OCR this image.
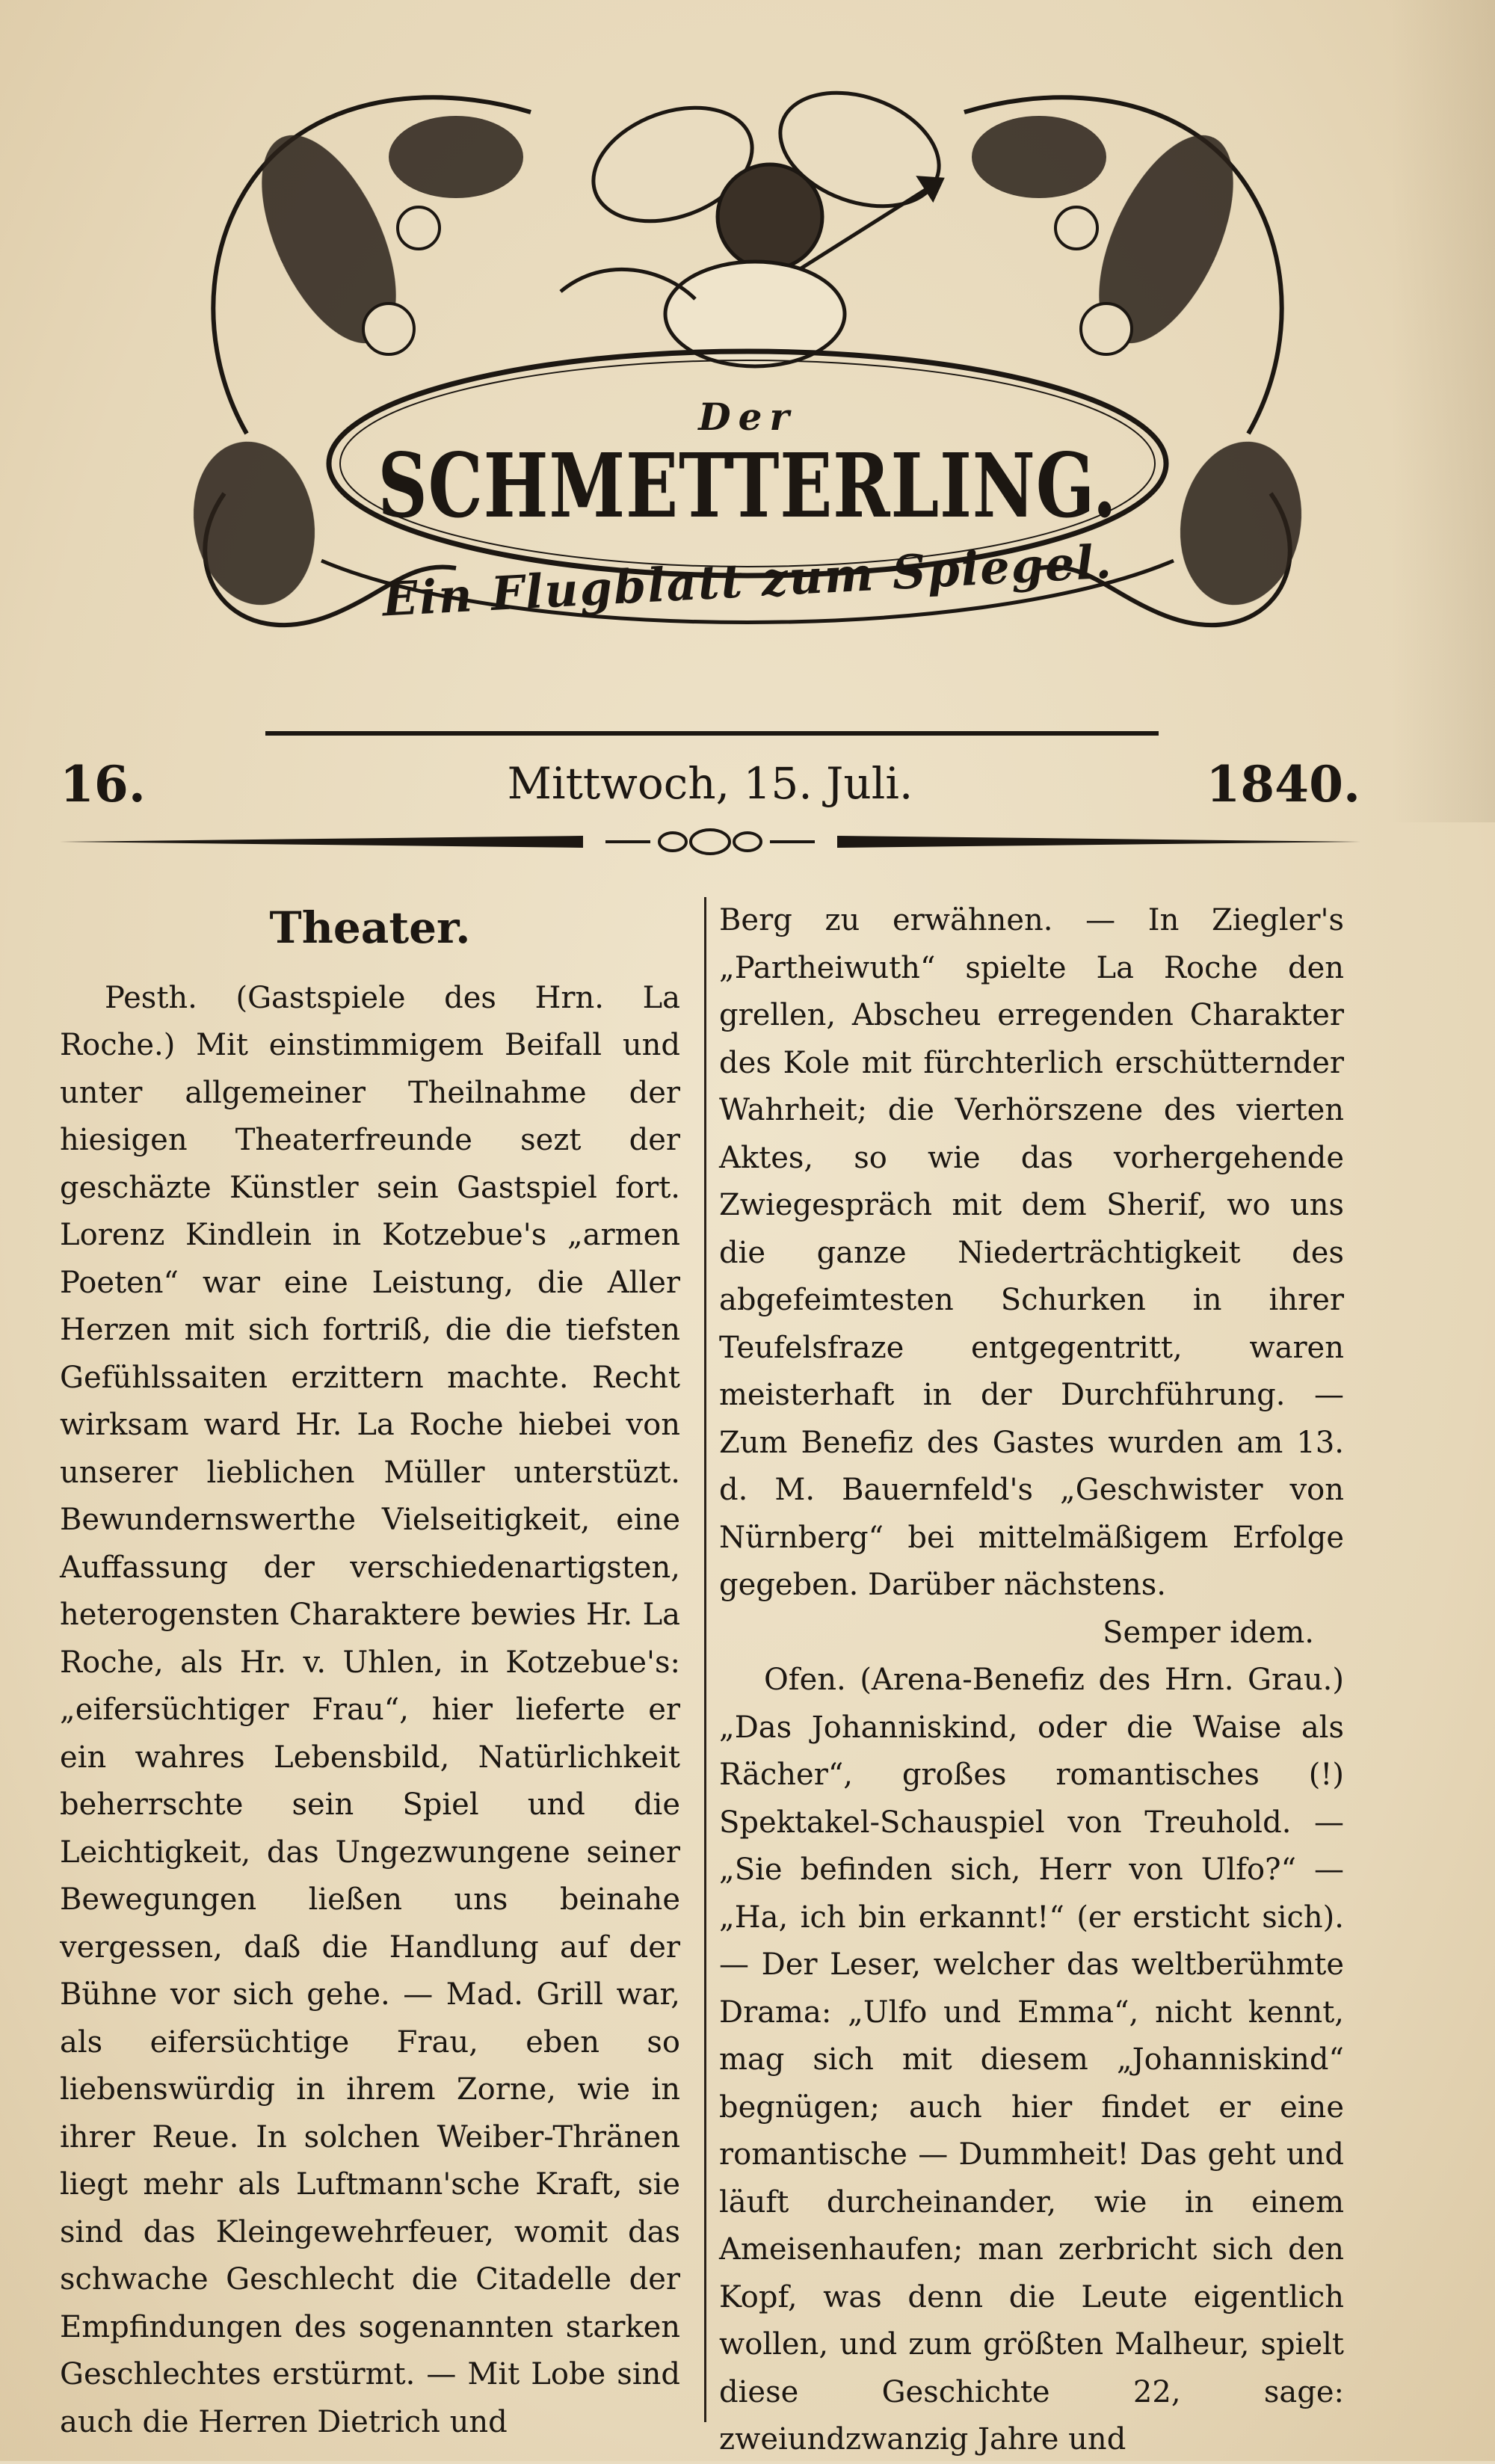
Der
SCHMETTERLING.
Ein Flugblatt zum Spiegel.
16.	Mittwoch, 15. Juli.	1840.
Theater.

Pesth. (Gastspiele des Hrn. La Roche.) Mit einstimmigem Beifall und unter allgemeiner Theilnahme der hiesigen Theaterfreunde sezt der geschäzte Künstler sein Gastspiel fort. Lorenz Kindlein in Kotzebue's „armen Poeten“ war eine Leistung, die Aller Herzen mit sich fortriß, die die tiefsten Gefühlssaiten erzittern machte. Recht wirksam ward Hr. La Roche hiebei von unserer lieblichen Müller unterstüzt. Bewundernswerthe Vielseitigkeit, eine Auffassung der verschiedenartigsten, heterogensten Charaktere bewies Hr. La Roche, als Hr. v. Uhlen, in Kotzebue's: „eifersüchtiger Frau“, hier lieferte er ein wahres Lebensbild, Natürlichkeit beherrschte sein Spiel und die Leichtigkeit, das Ungezwungene seiner Bewegungen ließen uns beinahe vergessen, daß die Handlung auf der Bühne vor sich gehe. — Mad. Grill war, als eifersüchtige Frau, eben so liebenswürdig in ihrem Zorne, wie in ihrer Reue. In solchen Weiber-Thränen liegt mehr als Luftmann'sche Kraft, sie sind das Kleingewehrfeuer, womit das schwache Geschlecht die Citadelle der Empfindungen des sogenannten starken Geschlechtes erstürmt. — Mit Lobe sind auch die Herren Dietrich und

Berg zu erwähnen. — In Ziegler's „Partheiwuth“ spielte La Roche den grellen, Abscheu erregenden Charakter des Kole mit fürchterlich erschütternder Wahrheit; die Verhörszene des vierten Aktes, so wie das vorhergehende Zwiegespräch mit dem Sherif, wo uns die ganze Niederträchtigkeit des abgefeimtesten Schurken in ihrer Teufelsfraze entgegentritt, waren meisterhaft in der Durchführung. — Zum Benefiz des Gastes wurden am 13. d. M. Bauernfeld's „Geschwister von Nürnberg“ bei mittelmäßigem Erfolge gegeben. Darüber nächstens.

Semper idem.

Ofen. (Arena-Benefiz des Hrn. Grau.) „Das Johanniskind, oder die Waise als Rächer“, großes romantisches (!) Spektakel-Schauspiel von Treuhold. — „Sie befinden sich, Herr von Ulfo?“ — „Ha, ich bin erkannt!“ (er ersticht sich). — Der Leser, welcher das weltberühmte Drama: „Ulfo und Emma“, nicht kennt, mag sich mit diesem „Johanniskind“ begnügen; auch hier findet er eine romantische — Dummheit! Das geht und läuft durcheinander, wie in einem Ameisenhaufen; man zerbricht sich den Kopf, was denn die Leute eigentlich wollen, und zum größten Malheur, spielt diese Geschichte 22, sage: zweiundzwanzig Jahre und
